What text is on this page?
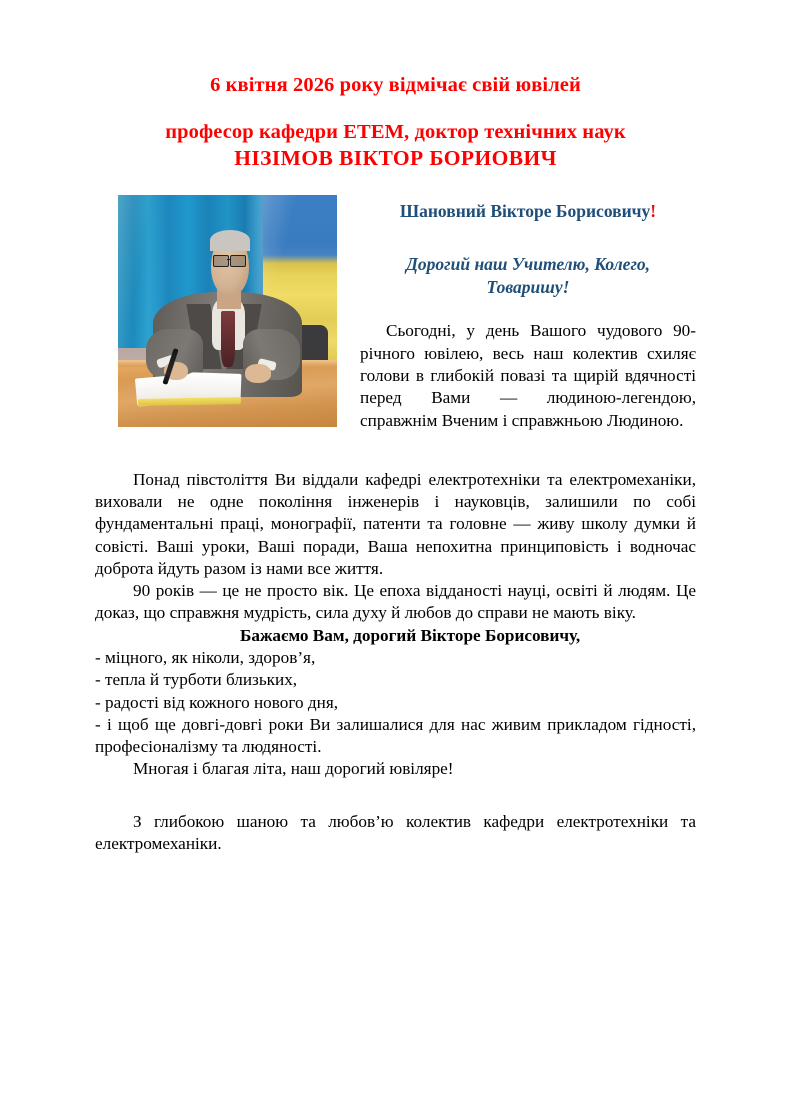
6 квітня 2026 року відмічає свій ювілей
професор кафедри ЕТЕМ, доктор технічних наук
НІЗІМОВ ВІКТОР БОРИОВИЧ
Шановний Вікторе Борисовичу!
Дорогий наш Учителю, Колего,
Товаришу!

Сьогодні, у день Вашого чудового 90-річного ювілею, весь наш колектив схиляє голови в глибокій повазі та щирій вдячності перед Вами — людиною-легендою, справжнім Вченим і справжньою Людиною.

Понад півстоліття Ви віддали кафедрі електротехніки та електромеханіки, виховали не одне покоління інженерів і науковців, залишили по собі фундаментальні праці, монографії, патенти та головне — живу школу думки й совісті. Ваші уроки, Ваші поради, Ваша непохитна принциповість і водночас доброта йдуть разом із нами все життя.

90 років — це не просто вік. Це епоха відданості науці, освіті й людям. Це доказ, що справжня мудрість, сила духу й любов до справи не мають віку.

Бажаємо Вам, дорогий Вікторе Борисовичу,

- міцного, як ніколи, здоров’я,

- тепла й турботи близьких,

- радості від кожного нового дня,

- і щоб ще довгі-довгі роки Ви залишалися для нас живим прикладом гідності, професіоналізму та людяності.

Многая і благая літа, наш дорогий ювіляре!

З глибокою шаною та любов’ю колектив кафедри електротехніки та електромеханіки.
